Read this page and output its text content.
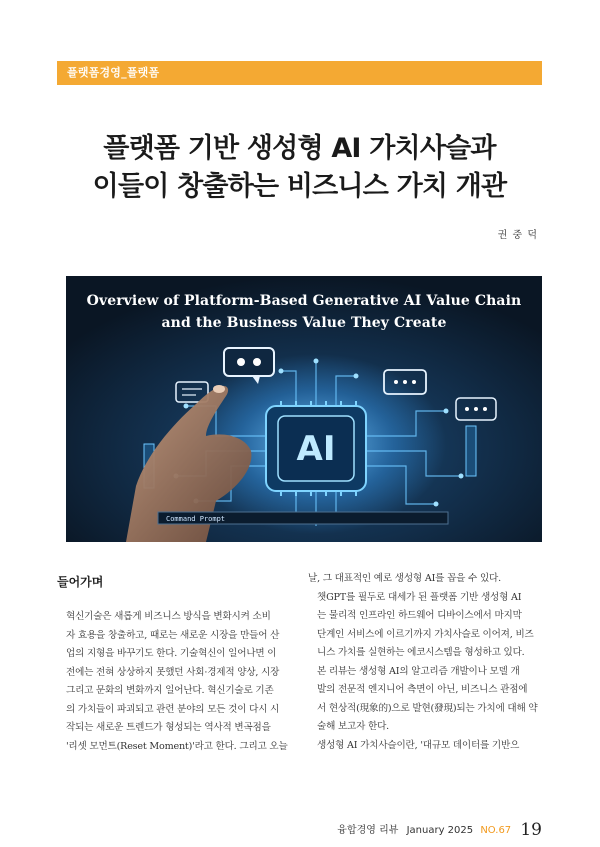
플랫폼경영_플랫폼
플랫폼 기반 생성형 AI 가치사슬과
이들이 창출하는 비즈니스 가치 개관
권 중 덕
AI
Command Prompt
Overview of Platform-Based Generative AI Value Chain
and the Business Value They Create
들어가며
혁신기술은 새롭게 비즈니스 방식을 변화시켜 소비
자 효용을 창출하고, 때로는 새로운 시장을 만들어 산
업의 지형을 바꾸기도 한다. 기술혁신이 일어나면 이
전에는 전혀 상상하지 못했던 사회·경제적 양상, 시장
그리고 문화의 변화까지 일어난다. 혁신기술로 기존
의 가치들이 파괴되고 관련 분야의 모든 것이 다시 시
작되는 새로운 트렌드가 형성되는 역사적 변곡점을
'리셋 모먼트(Reset Moment)'라고 한다. 그리고 오늘
날, 그 대표적인 예로 생성형 AI를 꼽을 수 있다.
챗GPT를 필두로 대세가 된 플랫폼 기반 생성형 AI
는 물리적 인프라인 하드웨어 디바이스에서 마지막
단계인 서비스에 이르기까지 가치사슬로 이어져, 비즈
니스 가치를 실현하는 에코시스템을 형성하고 있다.
본 리뷰는 생성형 AI의 알고리즘 개발이나 모델 개
발의 전문적 엔지니어 측면이 아닌, 비즈니스 관점에
서 현상적(現象的)으로 발현(發現)되는 가치에 대해 약
술해 보고자 한다.
생성형 AI 가치사슬이란, '대규모 데이터를 기반으
융합경영 리뷰 January 2025 NO.67 19
